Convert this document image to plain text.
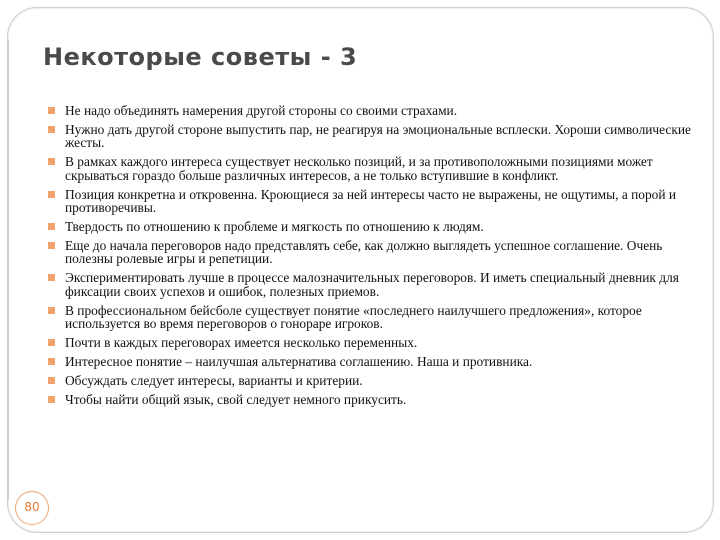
Некоторые советы - 3
Не надо объединять намерения другой стороны со своими страхами.
Нужно дать другой стороне выпустить пар, не реагируя на эмоциональные всплески. Хороши символические жесты.
В рамках каждого интереса существует несколько позиций, и за противоположными позициями может скрываться гораздо больше различных интересов, а не только вступившие в конфликт.
Позиция конкретна и откровенна. Кроющиеся за ней интересы часто не выражены, не ощутимы, а порой и противоречивы.
Твердость по отношению к проблеме и мягкость по отношению к людям.
Еще до начала переговоров надо представлять себе, как должно выглядеть успешное соглашение. Очень полезны ролевые игры и репетиции.
Экспериментировать лучше в процессе малозначительных переговоров. И иметь специальный дневник для фиксации своих успехов и ошибок, полезных приемов.
В профессиональном бейсболе существует понятие «последнего наилучшего предложения», которое используется во время переговоров о гонораре игроков.
Почти в каждых переговорах имеется несколько переменных.
Интересное понятие – наилучшая альтернатива соглашению. Наша и противника.
Обсуждать следует интересы, варианты и критерии.
Чтобы найти общий язык, свой следует немного прикусить.
80
